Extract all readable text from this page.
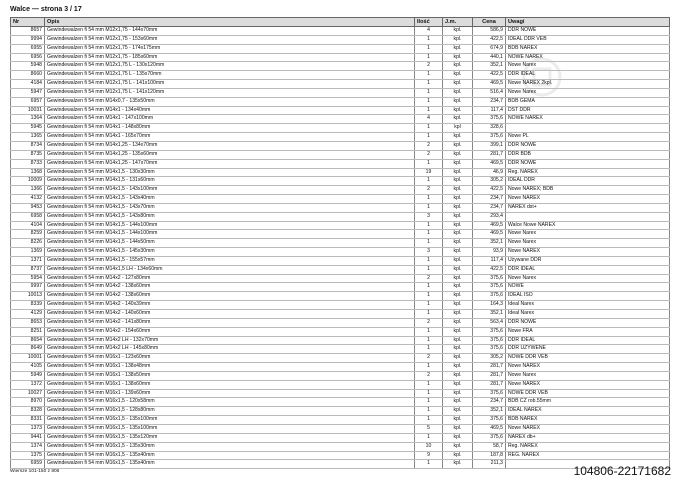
Walce — strona 3 / 17
Nr	Opis	Ilość	J.m.	Cena	Uwagi
8657	Gewindewalzen fi 54 mm M12x1,75 - 144x70mm	4	kpl.	586,9	DDR NOWE
9994	Gewindewalzen fi 54 mm M12x1,75 - 153x60mm	1	kpl.	422,5	IDEAL DDR VEB
6955	Gewindewalzen fi 54 mm M12x1,75 - 174x175mm	1	kpl.	674,9	BDB NAREX
6956	Gewindewalzen fi 54 mm M12x1,75 - 185x60mm	1	kpl.	440,1	NOWE NAREX
5948	Gewindewalzen fi 54 mm M12x1,75 L - 130x120mm	2	kpl.	352,1	Nowe Narex
8660	Gewindewalzen fi 54 mm M12x1,75 L - 135x70mm	1	kpl.	422,5	DDR IDEAL
4184	Gewindewalzen fi 54 mm M12x1,75 L - 141x100mm	1	kpl.	469,5	Nowe NAREX 2kpl.
5947	Gewindewalzen fi 54 mm M12x1,75 L - 141x120mm	1	kpl.	516,4	Nowe Narex
6957	Gewindewalzen fi 54 mm M14x0,7 - 135x50mm	1	kpl.	234,7	BDB GEMA
10031	Gewindewalzen fi 54 mm M14x1 - 134x40mm	1	kpl.	117,4	DST DDR
1364	Gewindewalzen fi 54 mm M14x1 - 147x100mm	4	kpl.	375,6	NOWE NAREX
5945	Gewindewalzen fi 54 mm M14x1 - 148x80mm	1	kpl	328,6	
1365	Gewindewalzen fi 54 mm M14x1 - 165x70mm	1	kpl.	375,6	Nowe PL
8734	Gewindewalzen fi 54 mm M14x1,25 - 134x70mm	2	kpl.	399,1	DDR NOWE
8735	Gewindewalzen fi 54 mm M14x1,25 - 135x60mm	2	kpl.	281,7	DDR BDB
8733	Gewindewalzen fi 54 mm M14x1,25 - 147x70mm	1	kpl.	469,5	DDR NOWE
1368	Gewindewalzen fi 54 mm M14x1,5 - 130x30mm	19	kpl.	46,9	Reg. NAREX
10009	Gewindewalzen fi 54 mm M14x1,5 - 131x60mm	1	kpl.	305,2	IDEAL DDR
1366	Gewindewalzen fi 54 mm M14x1,5 - 143x100mm	2	kpl.	422,5	Nowe NAREX; BDB
4132	Gewindewalzen fi 54 mm M14x1,5 - 143x40mm	1	kpl.	234,7	Nowe NAREX
9453	Gewindewalzen fi 54 mm M14x1,5 - 143x70mm	1	kpl.	234,7	NAREX dst+
6958	Gewindewalzen fi 54 mm M14x1,5 - 143x80mm	3	kpl.	293,4	
4104	Gewindewalzen fi 54 mm M14x1,5 - 144x100mm	1	kpl.	469,5	Walce Nowe NAREX
8259	Gewindewalzen fi 54 mm M14x1,5 - 144x100mm	1	kpl.	469,5	Nowe Narex
8226	Gewindewalzen fi 54 mm M14x1,5 - 144x50mm	1	kpl.	352,1	Nowe Narex
1369	Gewindewalzen fi 54 mm M14x1,5 - 145x30mm	3	kpl.	93,9	Nowe NAREX
1371	Gewindewalzen fi 54 mm M14x1,5 - 155x57mm	1	kpl.	117,4	Używane DDR
8737	Gewindewalzen fi 54 mm M14x1,5 LH - 134x60mm	1	kpl.	422,5	DDR IDEAL
5954	Gewindewalzen fi 54 mm M14x2 - 127x80mm	2	kpl.	375,6	Nowe Narex
9997	Gewindewalzen fi 54 mm M14x2 - 138x60mm	1	kpl.	375,6	NOWE
10013	Gewindewalzen fi 54 mm M14x2 - 138x60mm	1	kpl.	375,6	IDEAL ISO
8339	Gewindewalzen fi 54 mm M14x2 - 140x39mm	1	kpl.	164,3	Ideal Narex
4129	Gewindewalzen fi 54 mm M14x2 - 140x60mm	1	kpl.	352,1	Ideal Narex
8653	Gewindewalzen fi 54 mm M14x2 - 141x80mm	2	kpl.	563,4	DDR NOWE
8251	Gewindewalzen fi 54 mm M14x2 - 154x60mm	1	kpl.	375,6	Nowe FRA
8654	Gewindewalzen fi 54 mm M14x2 LH - 132x70mm	1	kpl.	375,6	DDR IDEAL
8649	Gewindewalzen fi 54 mm M14x2 LH - 145x80mm	1	kpl.	375,6	DDR UŻYWENE
10001	Gewindewalzen fi 54 mm M16x1 - 123x60mm	2	kpl.	305,2	NOWE DDR VEB
4105	Gewindewalzen fi 54 mm M16x1 - 138x48mm	1	kpl.	281,7	Nowe NAREX
5949	Gewindewalzen fi 54 mm M16x1 - 138x50mm	2	kpl.	281,7	Nowe Narex
1372	Gewindewalzen fi 54 mm M16x1 - 138x60mm	1	kpl.	281,7	Nowe NAREX
10027	Gewindewalzen fi 54 mm M16x1 - 139x60mm	1	kpl.	375,6	NOWE DDR VEB
8970	Gewindewalzen fi 54 mm M16x1,5 - 120x58mm	1	kpl.	234,7	BDB CZ rob.55mm
8328	Gewindewalzen fi 54 mm M16x1,5 - 128x80mm	1	kpl.	352,1	IDEAL NAREX
8331	Gewindewalzen fi 54 mm M16x1,5 - 135x100mm	1	kpl.	375,6	BDB NAREX
1373	Gewindewalzen fi 54 mm M16x1,5 - 135x100mm	5	kpl.	469,5	Nowe NAREX
9441	Gewindewalzen fi 54 mm M16x1,5 - 135x120mm	1	kpl.	375,6	NAREX db+
1374	Gewindewalzen fi 54 mm M16x1,5 - 135x30mm	10	kpl.	58,7	Reg. NAREX
1375	Gewindewalzen fi 54 mm M16x1,5 - 135x40mm	9	kpl.	187,8	REG. NAREX
6959	Gewindewalzen fi 54 mm M16x1,5 - 135x40mm	1	kpl.	211,3	
Wiersze 101-150 z 806	104806-22171682
